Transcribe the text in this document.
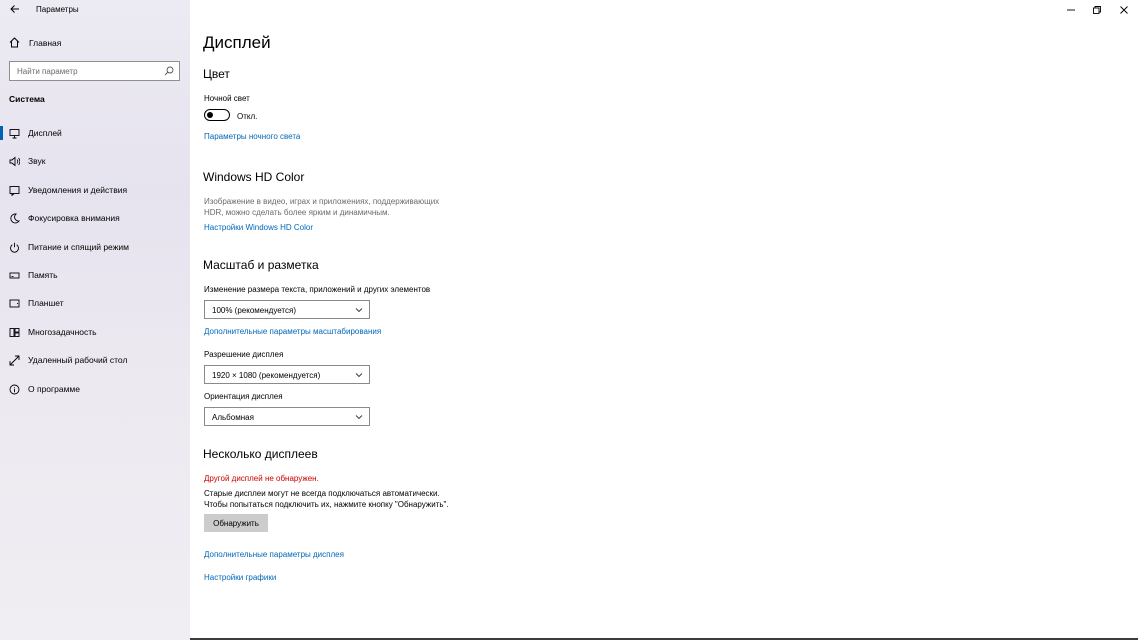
Параметры
Главная
Найти параметр
Система
Дисплей
Звук
Уведомления и действия
Фокусировка внимания
Питание и спящий режим
Память
Планшет
Многозадачность
Удаленный рабочий стол
О программе
Дисплей
Цвет
Ночной свет
Откл.
Параметры ночного света
Windows HD Color
Изображение в видео, играх и приложениях, поддерживающих
HDR, можно сделать более ярким и динамичным.
Настройки Windows HD Color
Масштаб и разметка
Изменение размера текста, приложений и других элементов
100% (рекомендуется)
Дополнительные параметры масштабирования
Разрешение дисплея
1920 × 1080 (рекомендуется)
Ориентация дисплея
Альбомная
Несколько дисплеев
Другой дисплей не обнаружен.
Старые дисплеи могут не всегда подключаться автоматически.
Чтобы попытаться подключить их, нажмите кнопку "Обнаружить".
Обнаружить
Дополнительные параметры дисплея
Настройки графики
